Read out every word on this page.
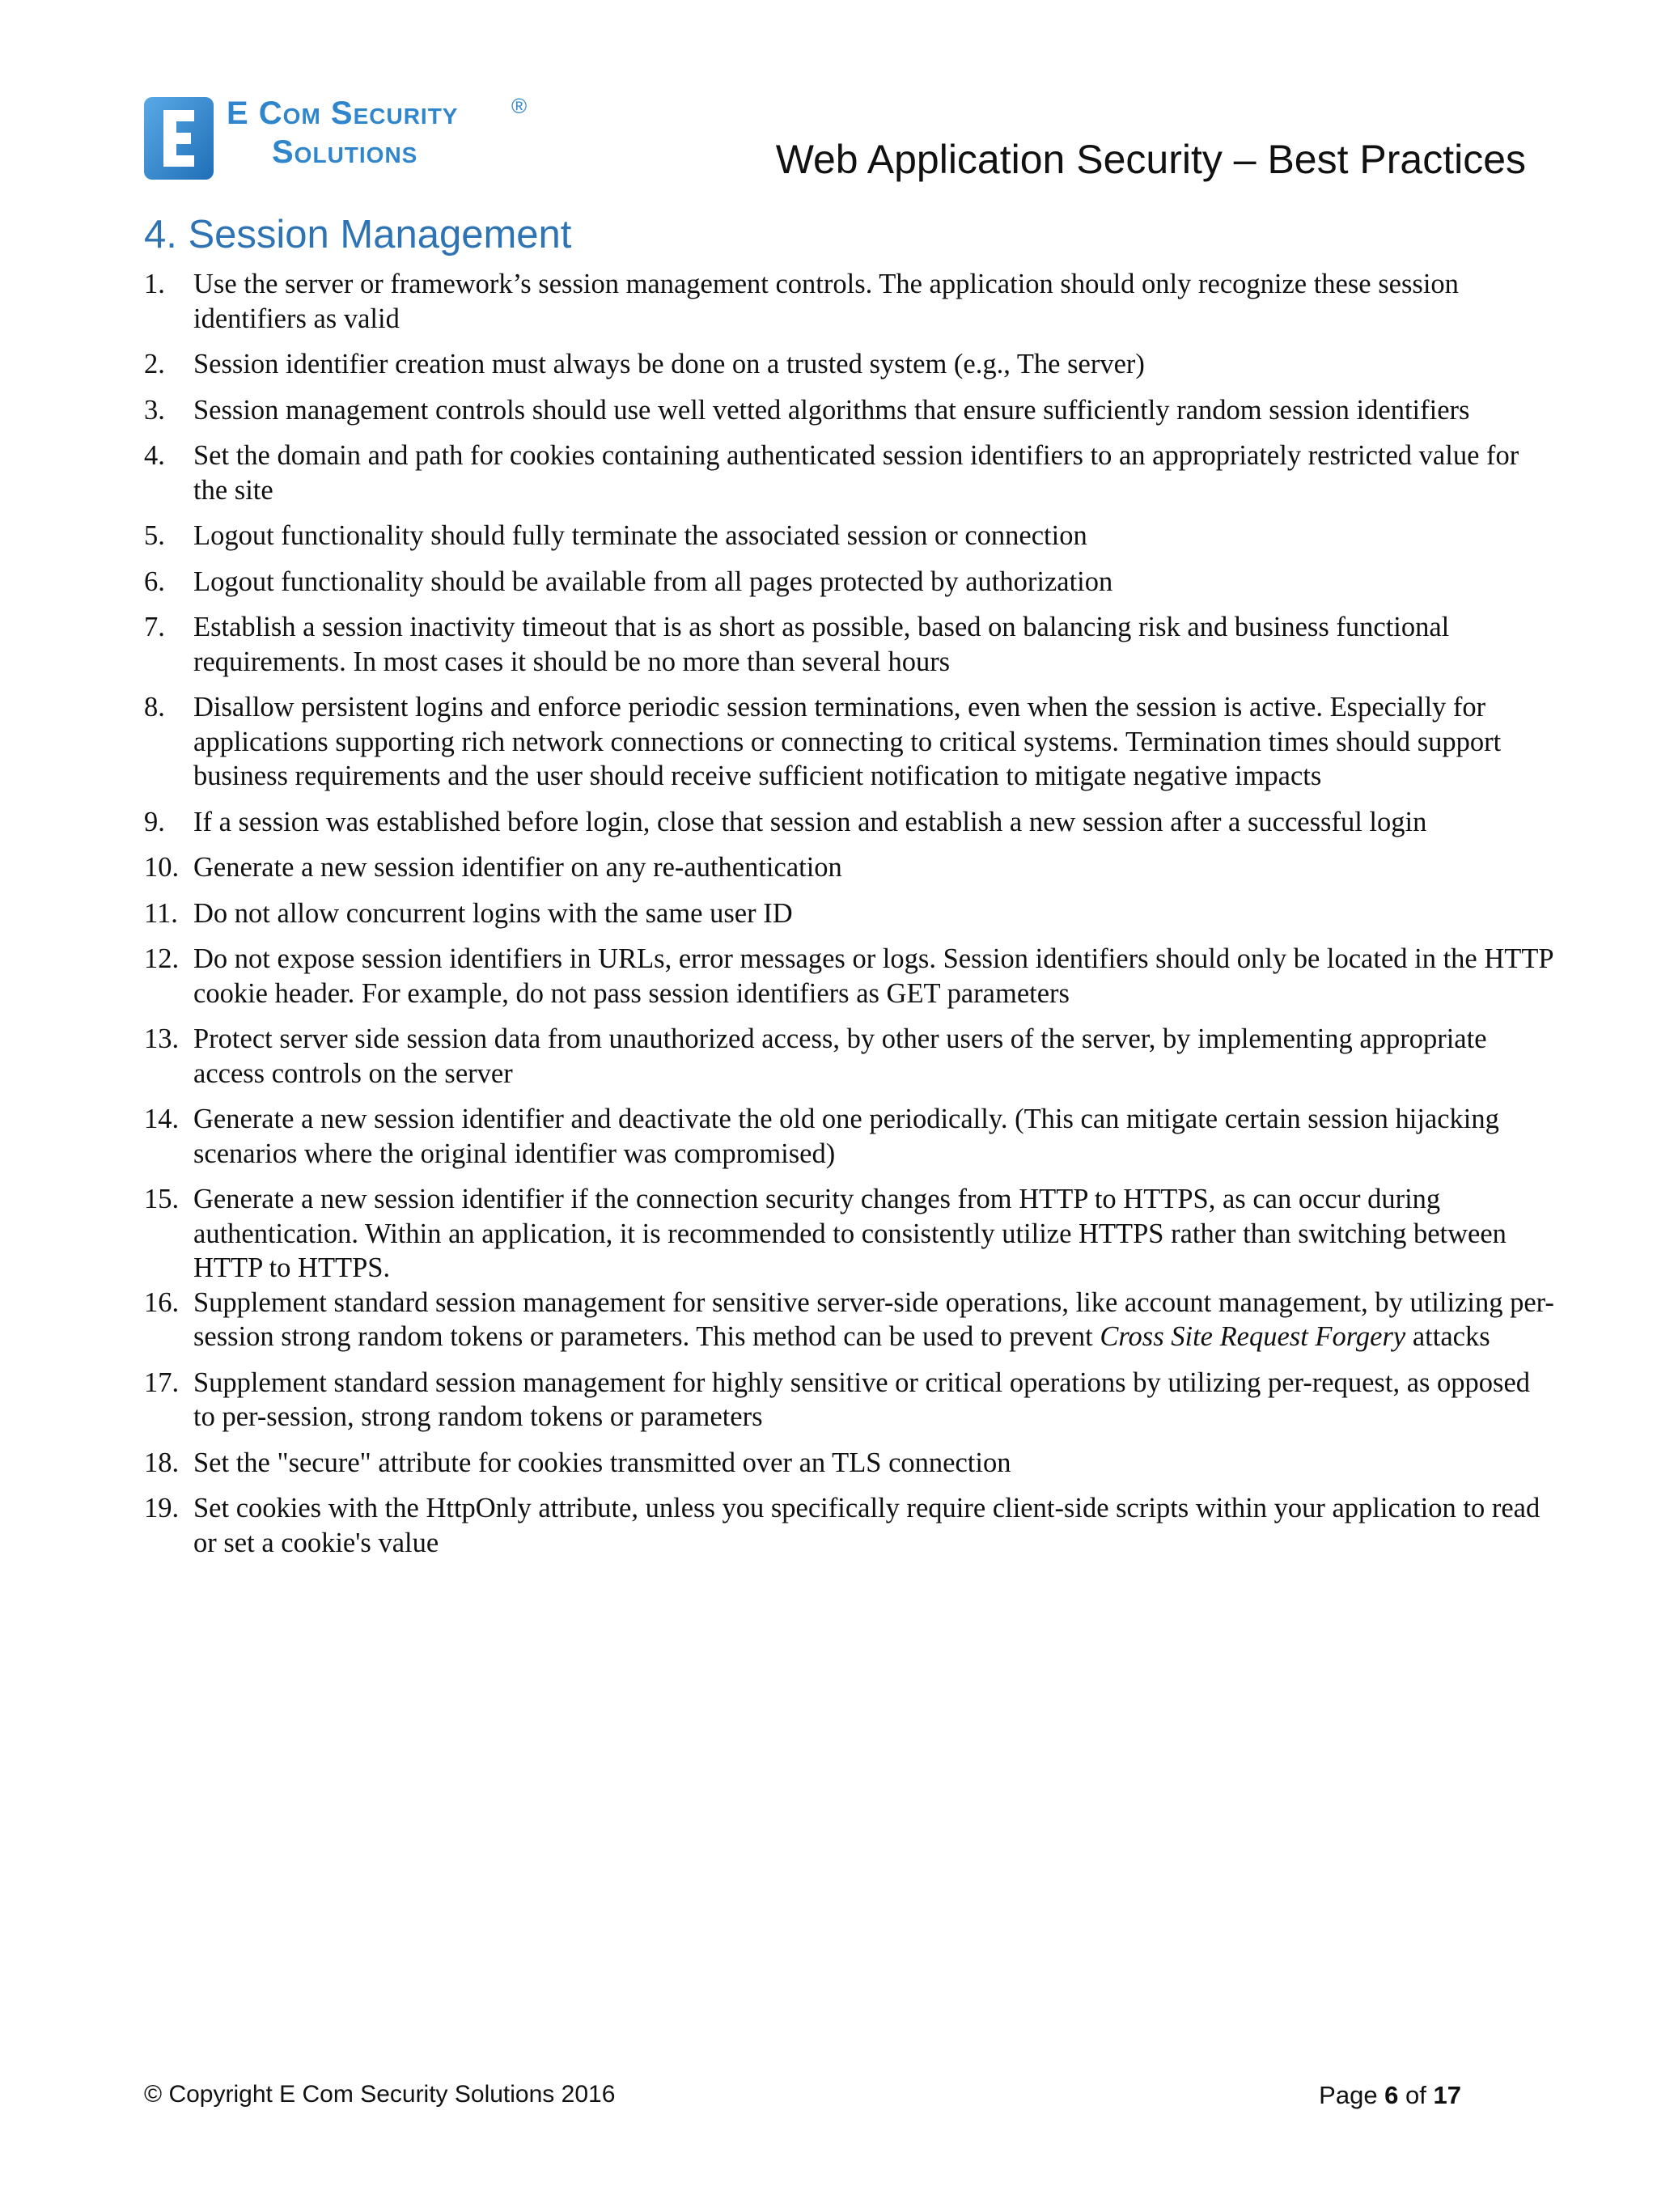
E Com Security	®
Solutions	Web Application Security – Best Practices
4. Session Management
1. Use the server or framework’s session management controls. The application should only recognize these session identifiers as valid
2. Session identifier creation must always be done on a trusted system (e.g., The server)
3. Session management controls should use well vetted algorithms that ensure sufficiently random session identifiers
4. Set the domain and path for cookies containing authenticated session identifiers to an appropriately restricted value for the site
5. Logout functionality should fully terminate the associated session or connection
6. Logout functionality should be available from all pages protected by authorization
7. Establish a session inactivity timeout that is as short as possible, based on balancing risk and business functional requirements. In most cases it should be no more than several hours
8. Disallow persistent logins and enforce periodic session terminations, even when the session is active. Especially for applications supporting rich network connections or connecting to critical systems. Termination times should support business requirements and the user should receive sufficient notification to mitigate negative impacts
9. If a session was established before login, close that session and establish a new session after a successful login
10. Generate a new session identifier on any re-authentication
11. Do not allow concurrent logins with the same user ID
12. Do not expose session identifiers in URLs, error messages or logs. Session identifiers should only be located in the HTTP cookie header. For example, do not pass session identifiers as GET parameters
13. Protect server side session data from unauthorized access, by other users of the server, by implementing appropriate access controls on the server
14. Generate a new session identifier and deactivate the old one periodically. (This can mitigate certain session hijacking scenarios where the original identifier was compromised)
15. Generate a new session identifier if the connection security changes from HTTP to HTTPS, as can occur during authentication. Within an application, it is recommended to consistently utilize HTTPS rather than switching between HTTP to HTTPS.
16. Supplement standard session management for sensitive server-side operations, like account management, by utilizing per-session strong random tokens or parameters. This method can be used to prevent Cross Site Request Forgery attacks
17. Supplement standard session management for highly sensitive or critical operations by utilizing per-request, as opposed to per-session, strong random tokens or parameters
18. Set the "secure" attribute for cookies transmitted over an TLS connection
19. Set cookies with the HttpOnly attribute, unless you specifically require client-side scripts within your application to read or set a cookie's value
© Copyright E Com Security Solutions 2016	Page 6 of 17
